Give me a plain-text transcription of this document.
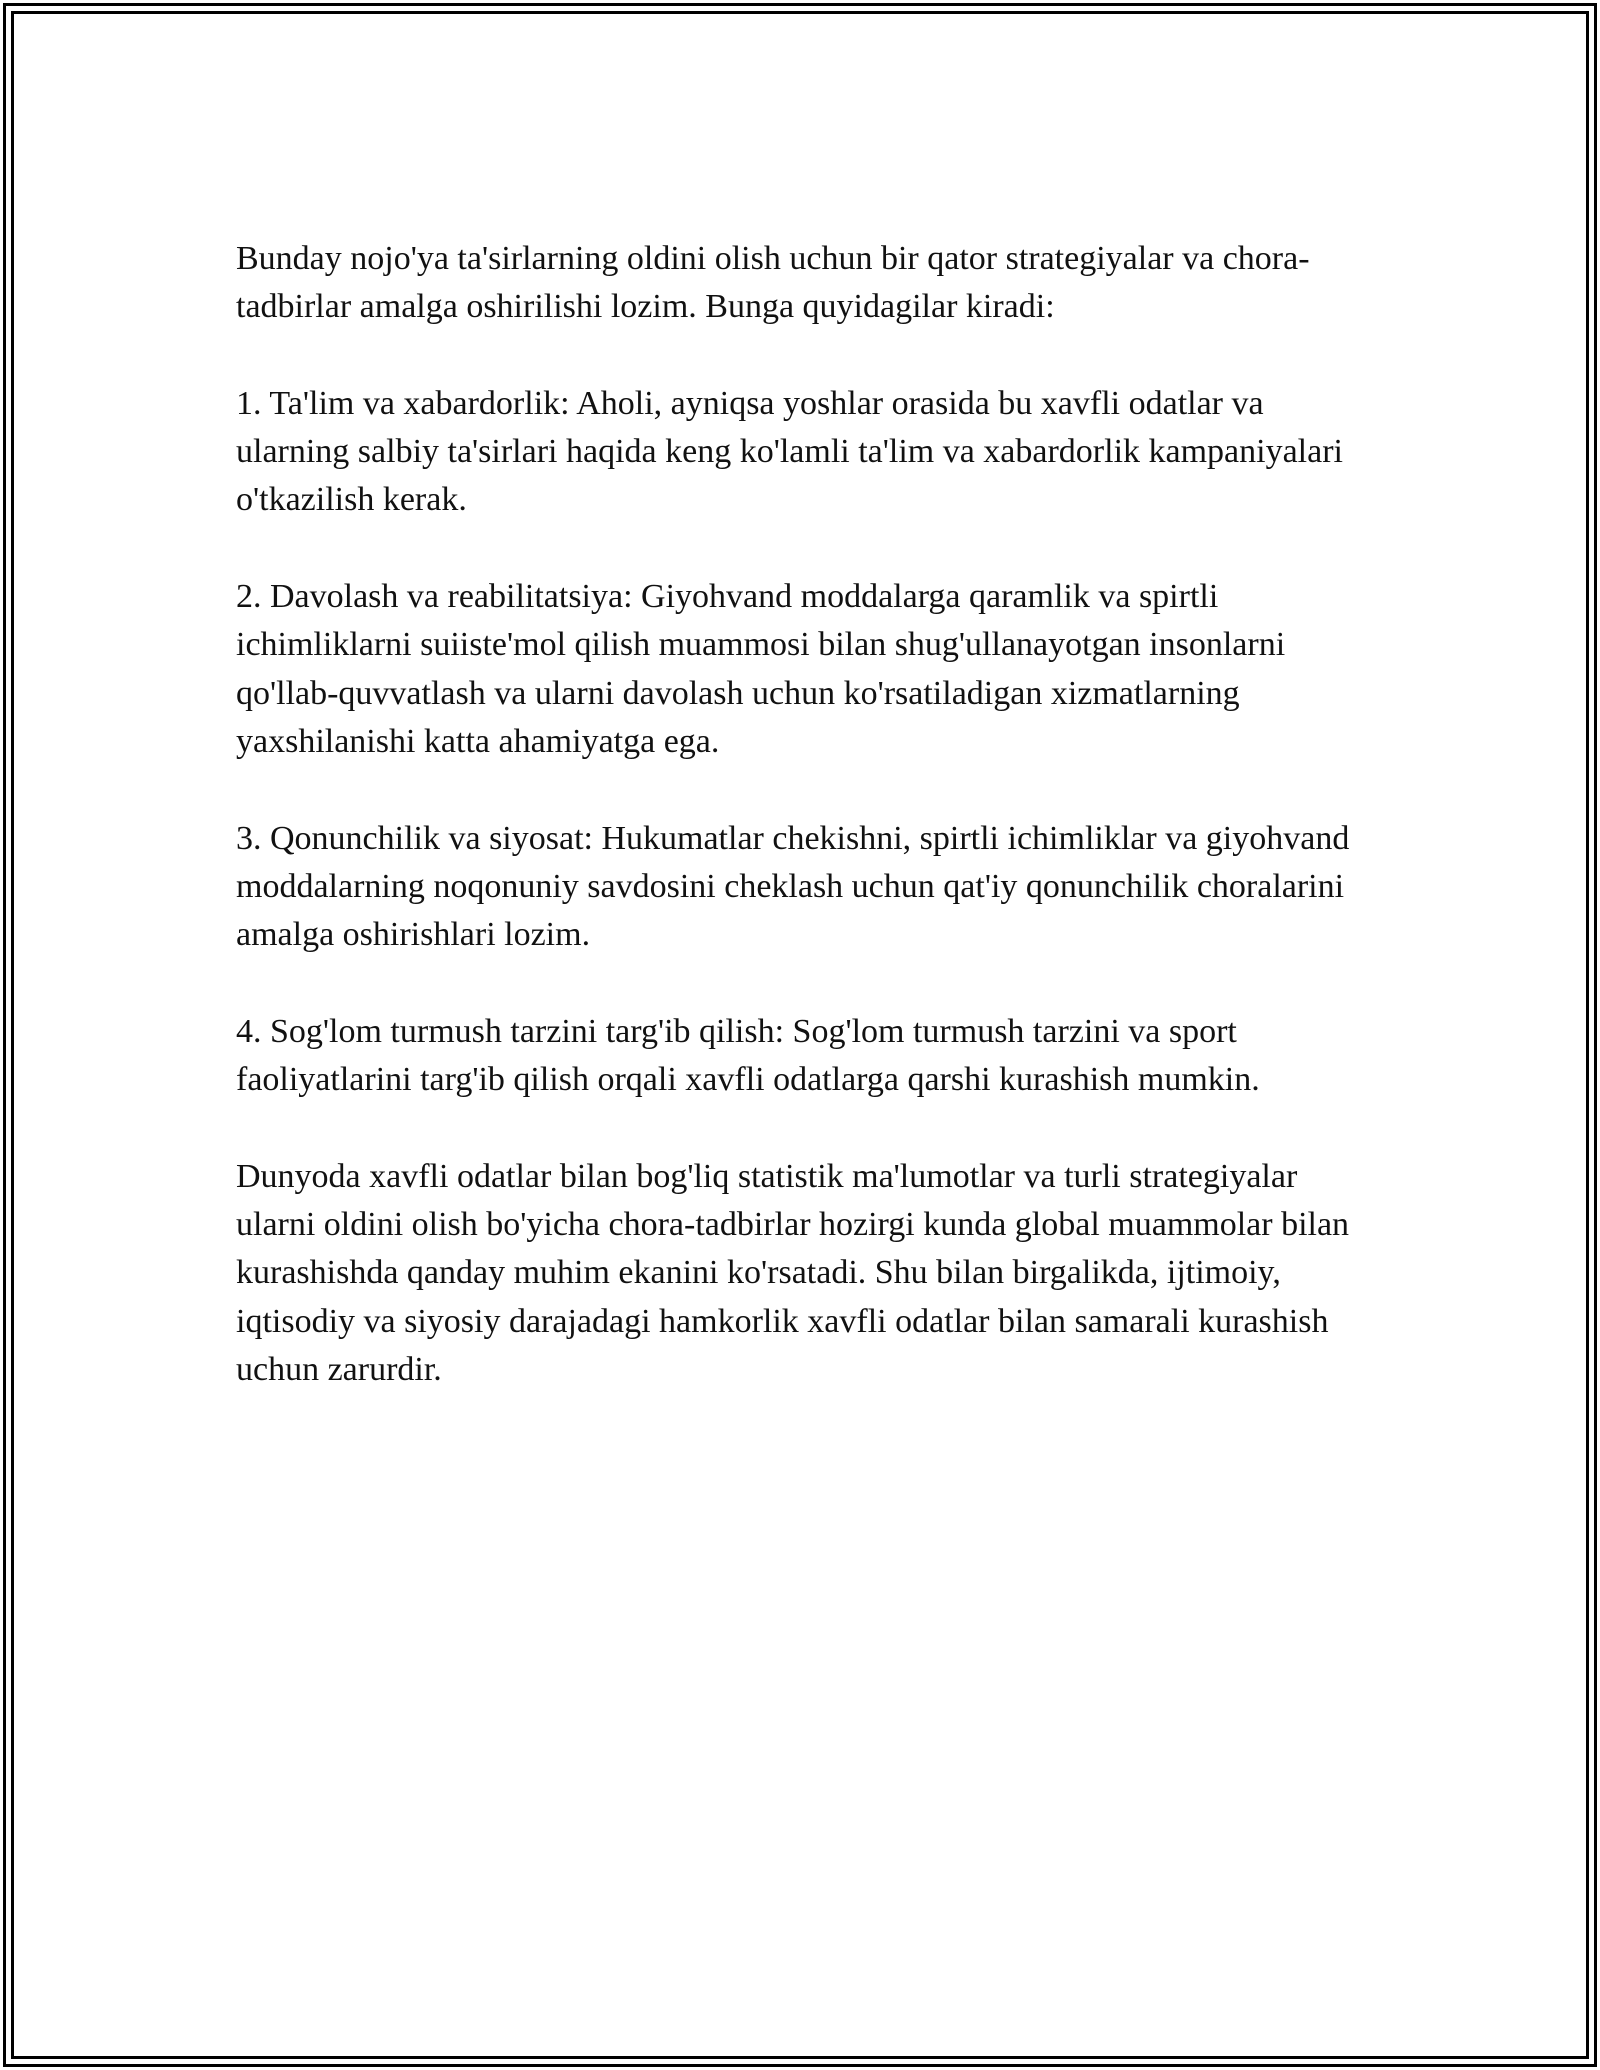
Bunday nojo'ya ta'sirlarning oldini olish uchun bir qator strategiyalar va chora-tadbirlar amalga oshirilishi lozim. Bunga quyidagilar kiradi:

1. Ta'lim va xabardorlik: Aholi, ayniqsa yoshlar orasida bu xavfli odatlar va ularning salbiy ta'sirlari haqida keng ko'lamli ta'lim va xabardorlik kampaniyalari o'tkazilish kerak.

2. Davolash va reabilitatsiya: Giyohvand moddalarga qaramlik va spirtli ichimliklarni suiiste'mol qilish muammosi bilan shug'ullanayotgan insonlarni qo'llab-quvvatlash va ularni davolash uchun ko'rsatiladigan xizmatlarning yaxshilanishi katta ahamiyatga ega.

3. Qonunchilik va siyosat: Hukumatlar chekishni, spirtli ichimliklar va giyohvand moddalarning noqonuniy savdosini cheklash uchun qat'iy qonunchilik choralarini amalga oshirishlari lozim.

4. Sog'lom turmush tarzini targ'ib qilish: Sog'lom turmush tarzini va sport faoliyatlarini targ'ib qilish orqali xavfli odatlarga qarshi kurashish mumkin.

Dunyoda xavfli odatlar bilan bog'liq statistik ma'lumotlar va turli strategiyalar ularni oldini olish bo'yicha chora-tadbirlar hozirgi kunda global muammolar bilan kurashishda qanday muhim ekanini ko'rsatadi. Shu bilan birgalikda, ijtimoiy, iqtisodiy va siyosiy darajadagi hamkorlik xavfli odatlar bilan samarali kurashish uchun zarurdir.
